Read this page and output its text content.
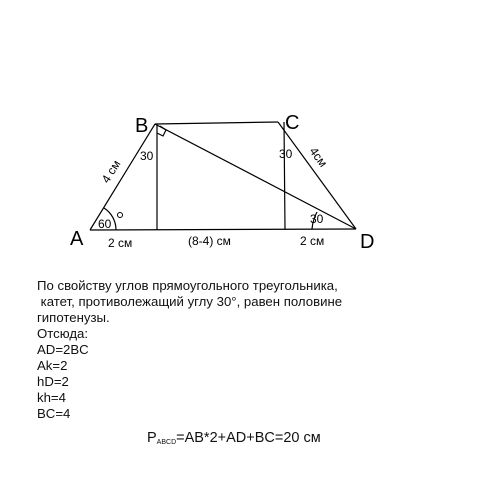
A
B	C
D
60
30	30
30
4 см
4см
2 см	(8-4) см	2 см
По свойству углов прямоугольного треугольника,
катет, противолежащий углу 30°, равен половине
гипотенузы.
Отсюда:
AD=2BC
Ak=2
hD=2
kh=4
BC=4
$P_{ABCD}=AB*2+AD+BC=20$ см
